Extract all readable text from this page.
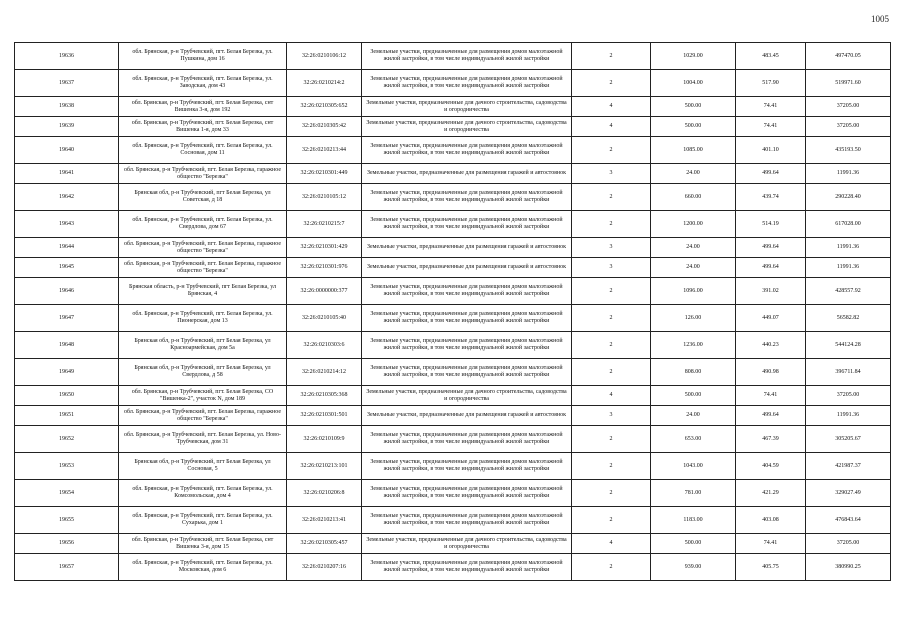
1005
19636	обл. Брянская, р-н Трубчевский, пгт. Белая Березка, ул. Пушкина, дом 16	32:26:0210106:12	Земельные участки, предназначенные для размещения домов малоэтажной жилой застройки, в том числе индивидуальной жилой застройки	2	1029.00	483.45	497470.05
19637	обл. Брянская, р-н Трубчевский, пгт. Белая Березка, ул. Заводская, дом 43	32:26:0210214:2	Земельные участки, предназначенные для размещения домов малоэтажной жилой застройки, в том числе индивидуальной жилой застройки	2	1004.00	517.90	519971.60
19638	обл. Брянская, р-н Трубчевский, пгт. Белая Березка, снт Вишенка 3-я, дом 192	32:26:0210305:652	Земельные участки, предназначенные для дачного строительства, садоводства и огородничества	4	500.00	74.41	37205.00
19639	обл. Брянская, р-н Трубчевский, пгт. Белая Березка, снт Вишенка 1-я, дом 33	32:26:0210305:42	Земельные участки, предназначенные для дачного строительства, садоводства и огородничества	4	500.00	74.41	37205.00
19640	обл. Брянская, р-н Трубчевский, пгт. Белая Березка, ул. Сосновая, дом 11	32:26:0210213:44	Земельные участки, предназначенные для размещения домов малоэтажной жилой застройки, в том числе индивидуальной жилой застройки	2	1085.00	401.10	435193.50
19641	обл. Брянская, р-н Трубчевский, пгт. Белая Березка, гаражное общество "Березка"	32:26:0210301:449	Земельные участки, предназначенные для размещения гаражей и автостоянок	3	24.00	499.64	11991.36
19642	Брянская обл, р-н Трубчевский, пгт Белая Березка, ул Советская, д 18	32:26:0210105:12	Земельные участки, предназначенные для размещения домов малоэтажной жилой застройки, в том числе индивидуальной жилой застройки	2	660.00	439.74	290228.40
19643	обл. Брянская, р-н Трубчевский, пгт. Белая Березка, ул. Свердлова, дом 67	32:26:0210215:7	Земельные участки, предназначенные для размещения домов малоэтажной жилой застройки, в том числе индивидуальной жилой застройки	2	1200.00	514.19	617028.00
19644	обл. Брянская, р-н Трубчевский, пгт. Белая Березка, гаражное общество "Березка"	32:26:0210301:429	Земельные участки, предназначенные для размещения гаражей и автостоянок	3	24.00	499.64	11991.36
19645	обл. Брянская, р-н Трубчевский, пгт. Белая Березка, гаражное общество "Березка"	32:26:0210301:976	Земельные участки, предназначенные для размещения гаражей и автостоянок	3	24.00	499.64	11991.36
19646	Брянская область, р-н Трубчевский, пгт Белая Березка, ул Брянская, 4	32:26:0000000:377	Земельные участки, предназначенные для размещения домов малоэтажной жилой застройки, в том числе индивидуальной жилой застройки	2	1096.00	391.02	428557.92
19647	обл. Брянская, р-н Трубчевский, пгт. Белая Березка, ул. Пионерская, дом 13	32:26:0210105:40	Земельные участки, предназначенные для размещения домов малоэтажной жилой застройки, в том числе индивидуальной жилой застройки	2	126.00	449.07	56582.82
19648	Брянская обл, р-н Трубчевский, пгт Белая Березка, ул Красноармейская, дом 5а	32:26:0210303:6	Земельные участки, предназначенные для размещения домов малоэтажной жилой застройки, в том числе индивидуальной жилой застройки	2	1236.00	440.23	544124.28
19649	Брянская обл, р-н Трубчевский, пгт Белая Березка, ул Свердлова, д 58	32:26:0210214:12	Земельные участки, предназначенные для размещения домов малоэтажной жилой застройки, в том числе индивидуальной жилой застройки	2	808.00	490.98	396711.84
19650	обл. Брянская, р-н Трубчевский, пгт. Белая Березка, СО "Вишенка-2", участок N, дом 189	32:26:0210305:368	Земельные участки, предназначенные для дачного строительства, садоводства и огородничества	4	500.00	74.41	37205.00
19651	обл. Брянская, р-н Трубчевский, пгт. Белая Березка, гаражное общество "Березка"	32:26:0210301:501	Земельные участки, предназначенные для размещения гаражей и автостоянок	3	24.00	499.64	11991.36
19652	обл. Брянская, р-н Трубчевский, пгт. Белая Березка, ул. Ново-Трубчевская, дом 31	32:26:0210109:9	Земельные участки, предназначенные для размещения домов малоэтажной жилой застройки, в том числе индивидуальной жилой застройки	2	653.00	467.39	305205.67
19653	Брянская обл, р-н Трубчевский, пгт Белая Березка, ул Сосновая, 5	32:26:0210213:101	Земельные участки, предназначенные для размещения домов малоэтажной жилой застройки, в том числе индивидуальной жилой застройки	2	1043.00	404.59	421987.37
19654	обл. Брянская, р-н Трубчевский, пгт. Белая Березка, ул. Комсомольская, дом 4	32:26:0210206:8	Земельные участки, предназначенные для размещения домов малоэтажной жилой застройки, в том числе индивидуальной жилой застройки	2	781.00	421.29	329027.49
19655	обл. Брянская, р-н Трубчевский, пгт. Белая Березка, ул. Сухарька, дом 1	32:26:0210213:41	Земельные участки, предназначенные для размещения домов малоэтажной жилой застройки, в том числе индивидуальной жилой застройки	2	1183.00	403.08	476843.64
19656	обл. Брянская, р-н Трубчевский, пгт. Белая Березка, снт Вишенка 3-я, дом 15	32:26:0210305:457	Земельные участки, предназначенные для дачного строительства, садоводства и огородничества	4	500.00	74.41	37205.00
19657	обл. Брянская, р-н Трубчевский, пгт. Белая Березка, ул. Московская, дом 6	32:26:0210207:16	Земельные участки, предназначенные для размещения домов малоэтажной жилой застройки, в том числе индивидуальной жилой застройки	2	939.00	405.75	380990.25
